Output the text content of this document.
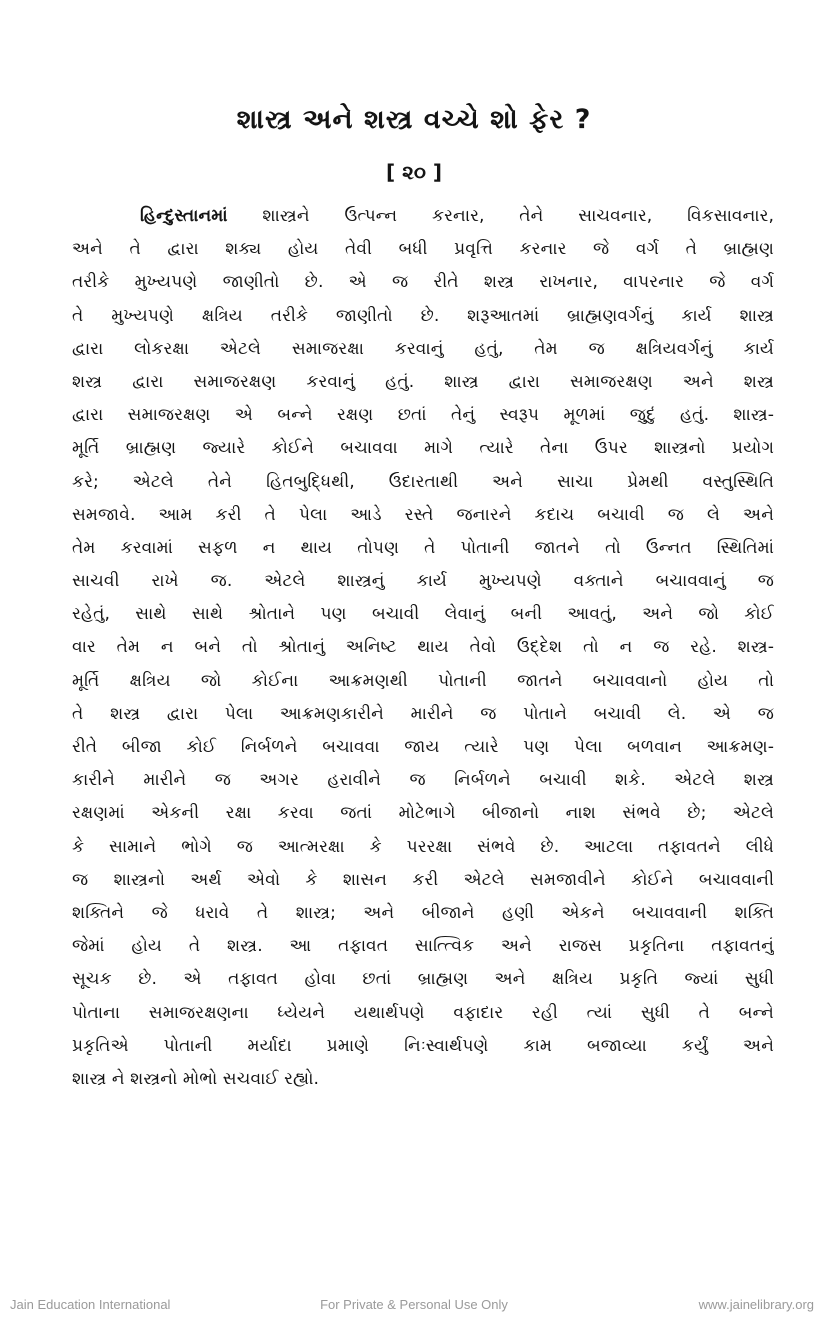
શાસ્ત્ર અને શસ્ત્ર વચ્ચે શો ફેર ?
[ ૨૦ ]
હિન્દુસ્તાનમાં શાસ્ત્રને ઉત્પન્ન કરનાર, તેને સાચવનાર, વિકસાવનાર,
અને તે દ્વારા શક્ય હોય તેવી બધી પ્રવૃત્તિ કરનાર જે વર્ગ તે બ્રાહ્મણ
તરીકે મુખ્યપણે જાણીતો છે. એ જ રીતે શસ્ત્ર રાખનાર, વાપરનાર જે વર્ગ
તે મુખ્યપણે ક્ષત્રિય તરીકે જાણીતો છે. શરૂઆતમાં બ્રાહ્મણવર્ગનું કાર્ય શાસ્ત્ર
દ્વારા લોકરક્ષા એટલે સમાજરક્ષા કરવાનું હતું, તેમ જ ક્ષત્રિયવર્ગનું કાર્ય
શસ્ત્ર દ્વારા સમાજરક્ષણ કરવાનું હતું. શાસ્ત્ર દ્વારા સમાજરક્ષણ અને શસ્ત્ર
દ્વારા સમાજરક્ષણ એ બન્ને રક્ષણ છતાં તેનું સ્વરૂપ મૂળમાં જુદું હતું. શાસ્ત્ર-
મૂર્તિ બ્રાહ્મણ જ્યારે કોઈને બચાવવા માગે ત્યારે તેના ઉપર શાસ્ત્રનો પ્રયોગ
કરે; એટલે તેને હિતબુદ્ધિથી, ઉદારતાથી અને સાચા પ્રેમથી વસ્તુસ્થિતિ
સમજાવે. આમ કરી તે પેલા આડે રસ્તે જનારને કદાચ બચાવી જ લે અને
તેમ કરવામાં સફળ ન થાય તોપણ તે પોતાની જાતને તો ઉન્નત સ્થિતિમાં
સાચવી રાખે જ. એટલે શાસ્ત્રનું કાર્ય મુખ્યપણે વક્તાને બચાવવાનું જ
રહેતું, સાથે સાથે શ્રોતાને પણ બચાવી લેવાનું બની આવતું, અને જો કોઈ
વાર તેમ ન બને તો શ્રોતાનું અનિષ્ટ થાય તેવો ઉદ્દેશ તો ન જ રહે. શસ્ત્ર-
મૂર્તિ ક્ષત્રિય જો કોઈના આક્રમણથી પોતાની જાતને બચાવવાનો હોય તો
તે શસ્ત્ર દ્વારા પેલા આક્રમણકારીને મારીને જ પોતાને બચાવી લે. એ જ
રીતે બીજા કોઈ નિર્બળને બચાવવા જાય ત્યારે પણ પેલા બળવાન આક્રમણ-
કારીને મારીને જ અગર હરાવીને જ નિર્બળને બચાવી શકે. એટલે શસ્ત્ર
રક્ષણમાં એકની રક્ષા કરવા જતાં મોટેભાગે બીજાનો નાશ સંભવે છે; એટલે
કે સામાને ભોગે જ આત્મરક્ષા કે પરરક્ષા સંભવે છે. આટલા તફાવતને લીધે
જ શાસ્ત્રનો અર્થ એવો કે શાસન કરી એટલે સમજાવીને કોઈને બચાવવાની
શક્તિને જે ધરાવે તે શાસ્ત્ર; અને બીજાને હણી એકને બચાવવાની શક્તિ
જેમાં હોય તે શસ્ત્ર. આ તફાવત સાત્ત્વિક અને રાજસ પ્રકૃતિના તફાવતનું
સૂચક છે. એ તફાવત હોવા છતાં બ્રાહ્મણ અને ક્ષત્રિય પ્રકૃતિ જ્યાં સુધી
પોતાના સમાજરક્ષણના ધ્યેયને યથાર્થપણે વફાદાર રહી ત્યાં સુધી તે બન્ને
પ્રકૃતિએ પોતાની મર્યાદા પ્રમાણે નિઃસ્વાર્થપણે કામ બજાવ્યા કર્યું અને
શાસ્ત્ર ને શસ્ત્રનો મોભો સચવાઈ રહ્યો.
Jain Education International	For Private & Personal Use Only	www.jainelibrary.org
